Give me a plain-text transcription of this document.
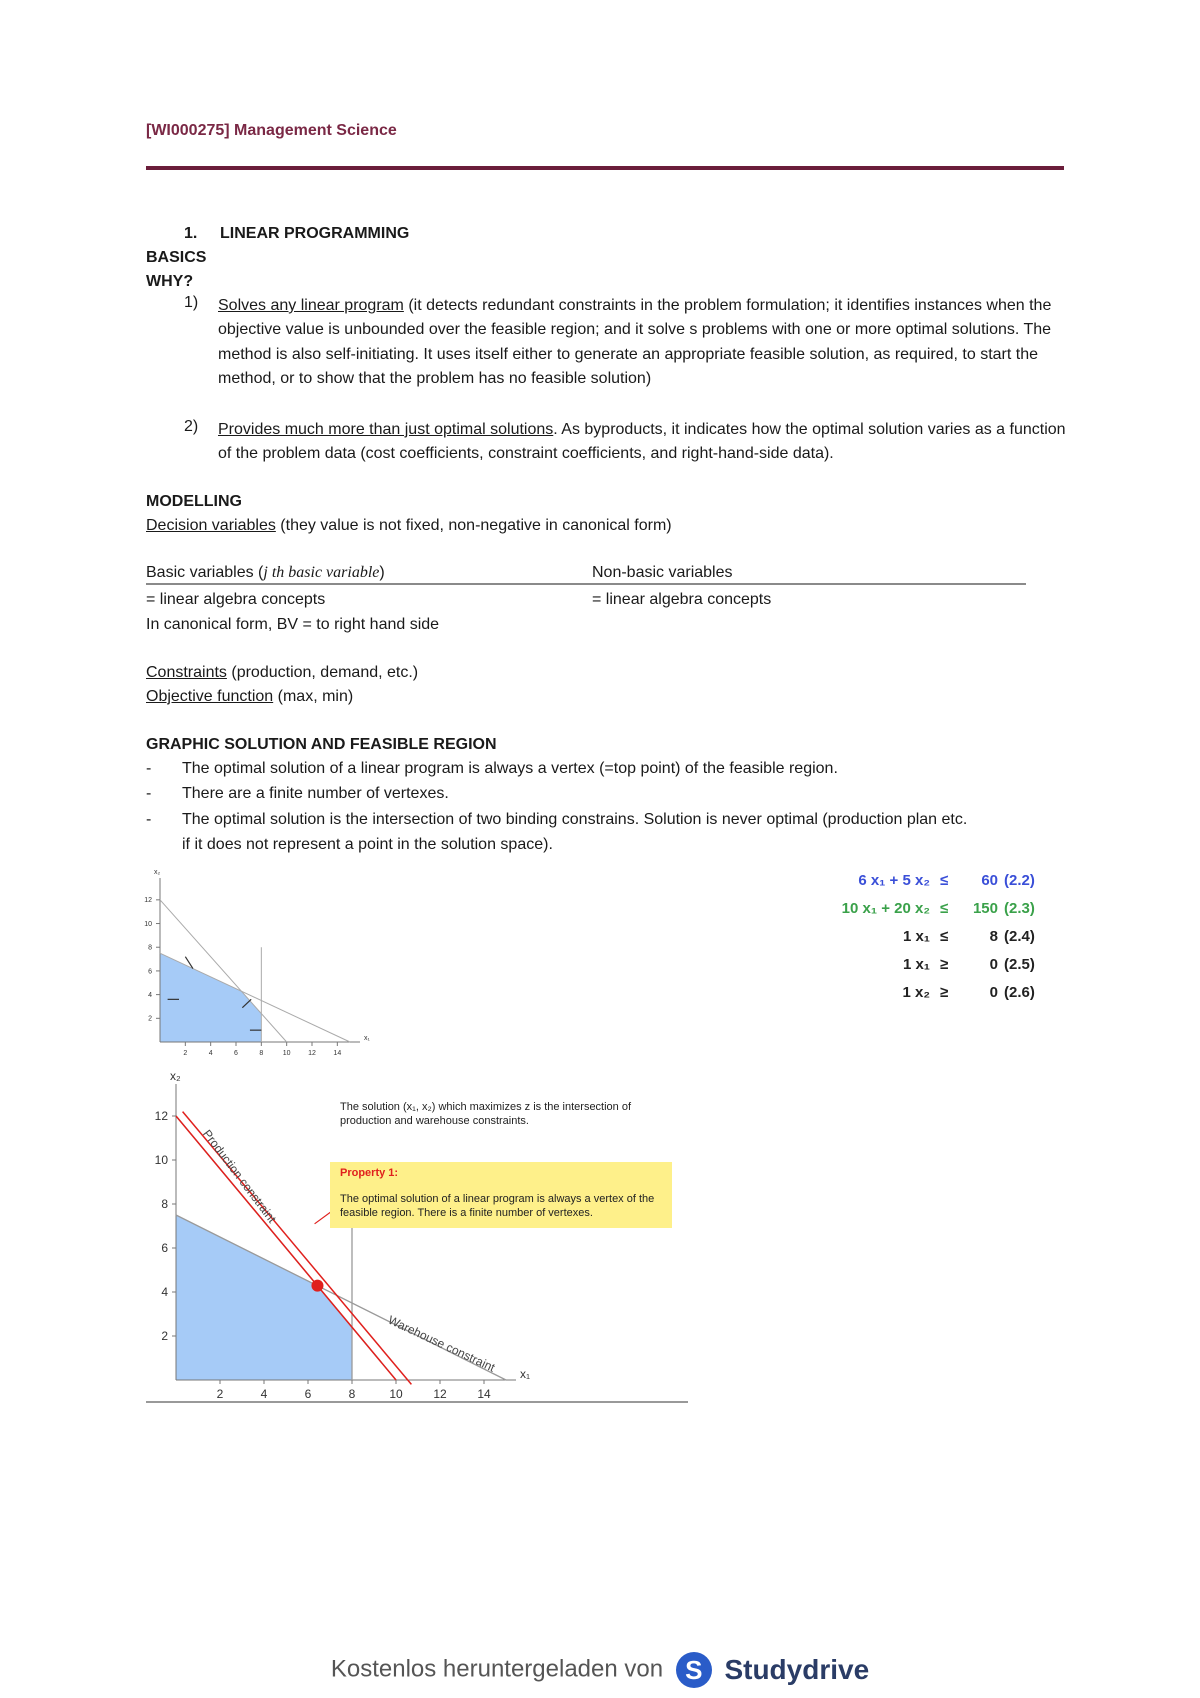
[WI000275] Management Science
1. LINEAR PROGRAMMING
BASICS
WHY?
1) Solves any linear program (it detects redundant constraints in the problem formulation; it identifies instances when the objective value is unbounded over the feasible region; and it solve s problems with one or more optimal solutions. The method is also self-initiating. It uses itself either to generate an appropriate feasible solution, as required, to start the method, or to show that the problem has no feasible solution)
2) Provides much more than just optimal solutions. As byproducts, it indicates how the optimal solution varies as a function of the problem data (cost coefficients, constraint coefficients, and right-hand-side data).
MODELLING
Decision variables (they value is not fixed, non-negative in canonical form)
Basic variables (j th basic variable)	Non-basic variables
= linear algebra concepts	= linear algebra concepts
In canonical form, BV = to right hand side
Constraints (production, demand, etc.)
Objective function (max, min)
GRAPHIC SOLUTION AND FEASIBLE REGION
- The optimal solution of a linear program is always a vertex (=top point) of the feasible region.
- There are a finite number of vertexes.
- The optimal solution is the intersection of two binding constrains. Solution is never optimal (production plan etc.
if it does not represent a point in the solution space).
6 x₁ + 5 x₂ ≤	60 (2.2)
10 x₁ + 20 x₂ ≤	150 (2.3)
1 x₁ ≤	8 (2.4)
1 x₁ ≥	0 (2.5)
1 x₂ ≥	0 (2.6)
2	4	6	8	10	12	14
2
4
6
8
10
12
x₁
x₂
2	4	6	8	10	12	14
2
4
6
8
10
12
x₁
x₂
Production constraint
Warehouse constraint
The solution (x₁, x₂) which maximizes z is the intersection of production and warehouse constraints.
Property 1:
The optimal solution of a linear program is always a vertex of the feasible region. There is a finite number of vertexes.
Kostenlos heruntergeladen von S Studydrive
